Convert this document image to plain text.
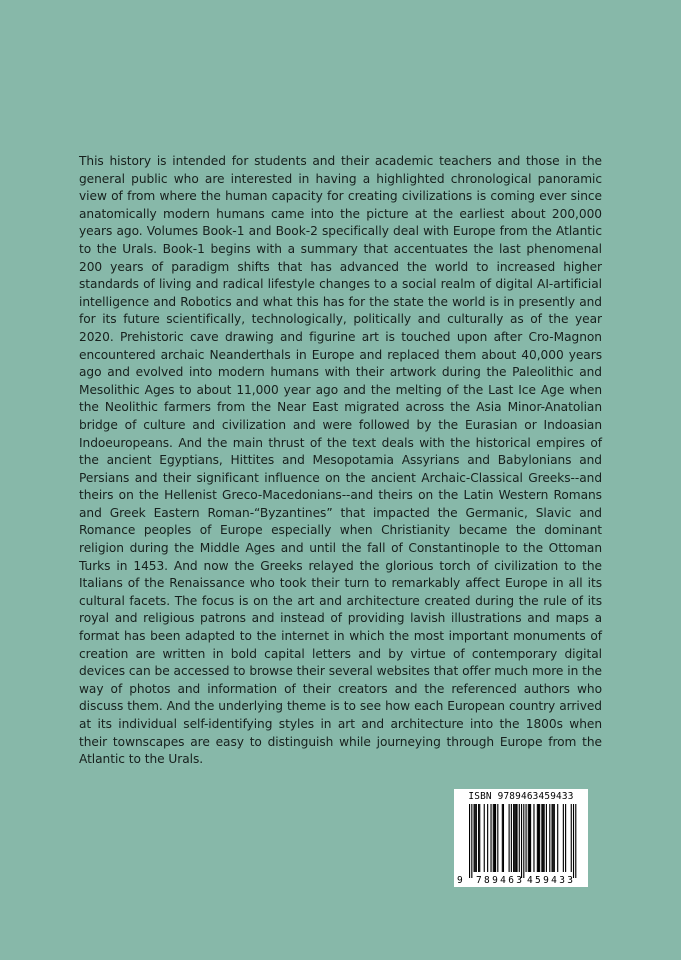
This history is intended for students and their academic teachers and those in the general public who are interested in having a highlighted chronological panoramic view of from where the human capacity for creating civilizations is coming ever since anatomically modern humans came into the picture at the earliest about 200,000 years ago. Volumes Book-1 and Book-2 specifically deal with Europe from the Atlantic to the Urals. Book-1 begins with a summary that accentuates the last phenomenal 200 years of paradigm shifts that has advanced the world to increased higher standards of living and radical lifestyle changes to a social realm of digital AI-artificial intelligence and Robotics and what this has for the state the world is in presently and for its future scientifically, technologically, politically and culturally as of the year 2020. Prehistoric cave drawing and figurine art is touched upon after Cro-Magnon encountered archaic Neanderthals in Europe and replaced them about 40,000 years ago and evolved into modern humans with their artwork during the Paleolithic and Mesolithic Ages to about 11,000 year ago and the melting of the Last Ice Age when the Neolithic farmers from the Near East migrated across the Asia Minor-Anatolian bridge of culture and civilization and were followed by the Eurasian or Indoasian Indoeuropeans. And the main thrust of the text deals with the historical empires of the ancient Egyptians, Hittites and Mesopotamia Assyrians and Babylonians and Persians and their significant influence on the ancient Archaic-Classical Greeks--and theirs on the Hellenist Greco-Macedonians--and theirs on the Latin Western Romans and Greek Eastern Roman-“Byzantines” that impacted the Germanic, Slavic and Romance peoples of Europe especially when Christianity became the dominant religion during the Middle Ages and until the fall of Constantinople to the Ottoman Turks in 1453. And now the Greeks relayed the glorious torch of civilization to the Italians of the Renaissance who took their turn to remarkably affect Europe in all its cultural facets. The focus is on the art and architecture created during the rule of its royal and religious patrons and instead of providing lavish illustrations and maps a format has been adapted to the internet in which the most important monuments of creation are written in bold capital letters and by virtue of contemporary digital devices can be accessed to browse their several websites that offer much more in the way of photos and information of their creators and the referenced authors who discuss them. And the underlying theme is to see how each European country arrived at its individual self-identifying styles in art and architecture into the 1800s when their townscapes are easy to distinguish while journeying through Europe from the Atlantic to the Urals.

9 789463 459433
ISBN 9789463459433
